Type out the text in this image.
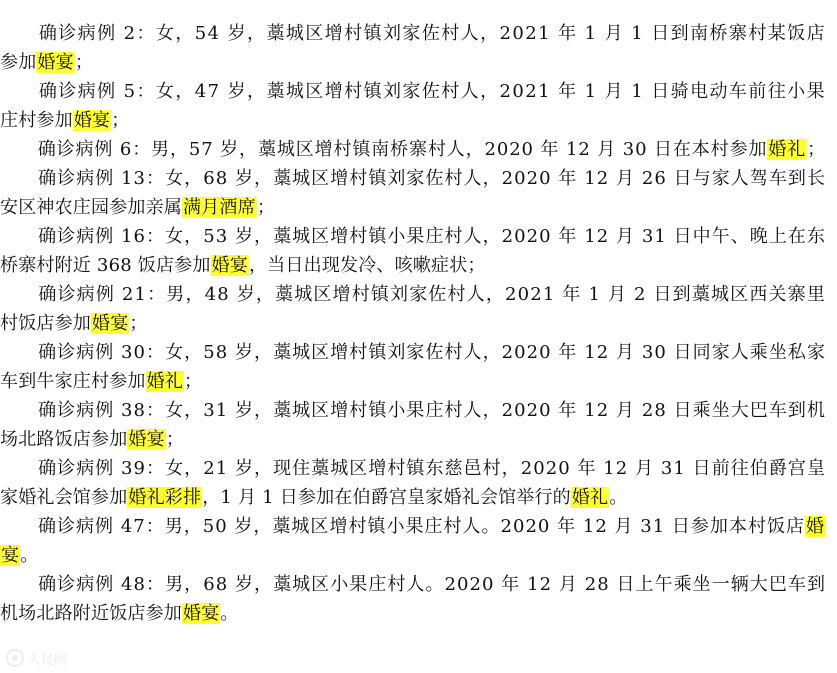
　　确诊病例 2：女，54 岁，藁城区增村镇刘家佐村人，2021 年 1 月 1 日到南桥寨村某饭店
参加婚宴；
　　确诊病例 5：女，47 岁，藁城区增村镇刘家佐村人，2021 年 1 月 1 日骑电动车前往小果
庄村参加婚宴；
　　确诊病例 6：男，57 岁，藁城区增村镇南桥寨村人，2020 年 12 月 30 日在本村参加婚礼；
　　确诊病例 13：女，68 岁，藁城区增村镇刘家佐村人，2020 年 12 月 26 日与家人驾车到长
安区神农庄园参加亲属满月酒席；
　　确诊病例 16：女，53 岁，藁城区增村镇小果庄村人，2020 年 12 月 31 日中午、晚上在东
桥寨村附近 368 饭店参加婚宴，当日出现发冷、咳嗽症状；
　　确诊病例 21：男，48 岁，藁城区增村镇刘家佐村人，2021 年 1 月 2 日到藁城区西关寨里
村饭店参加婚宴；
　　确诊病例 30：女，58 岁，藁城区增村镇刘家佐村人，2020 年 12 月 30 日同家人乘坐私家
车到牛家庄村参加婚礼；
　　确诊病例 38：女，31 岁，藁城区增村镇小果庄村人，2020 年 12 月 28 日乘坐大巴车到机
场北路饭店参加婚宴；
　　确诊病例 39：女，21 岁，现住藁城区增村镇东慈邑村，2020 年 12 月 31 日前往伯爵宫皇
家婚礼会馆参加婚礼彩排，1 月 1 日参加在伯爵宫皇家婚礼会馆举行的婚礼。
　　确诊病例 47：男，50 岁，藁城区增村镇小果庄村人。2020 年 12 月 31 日参加本村饭店婚
宴。
　　确诊病例 48：男，68 岁，藁城区小果庄村人。2020 年 12 月 28 日上午乘坐一辆大巴车到
机场北路附近饭店参加婚宴。
人民网
